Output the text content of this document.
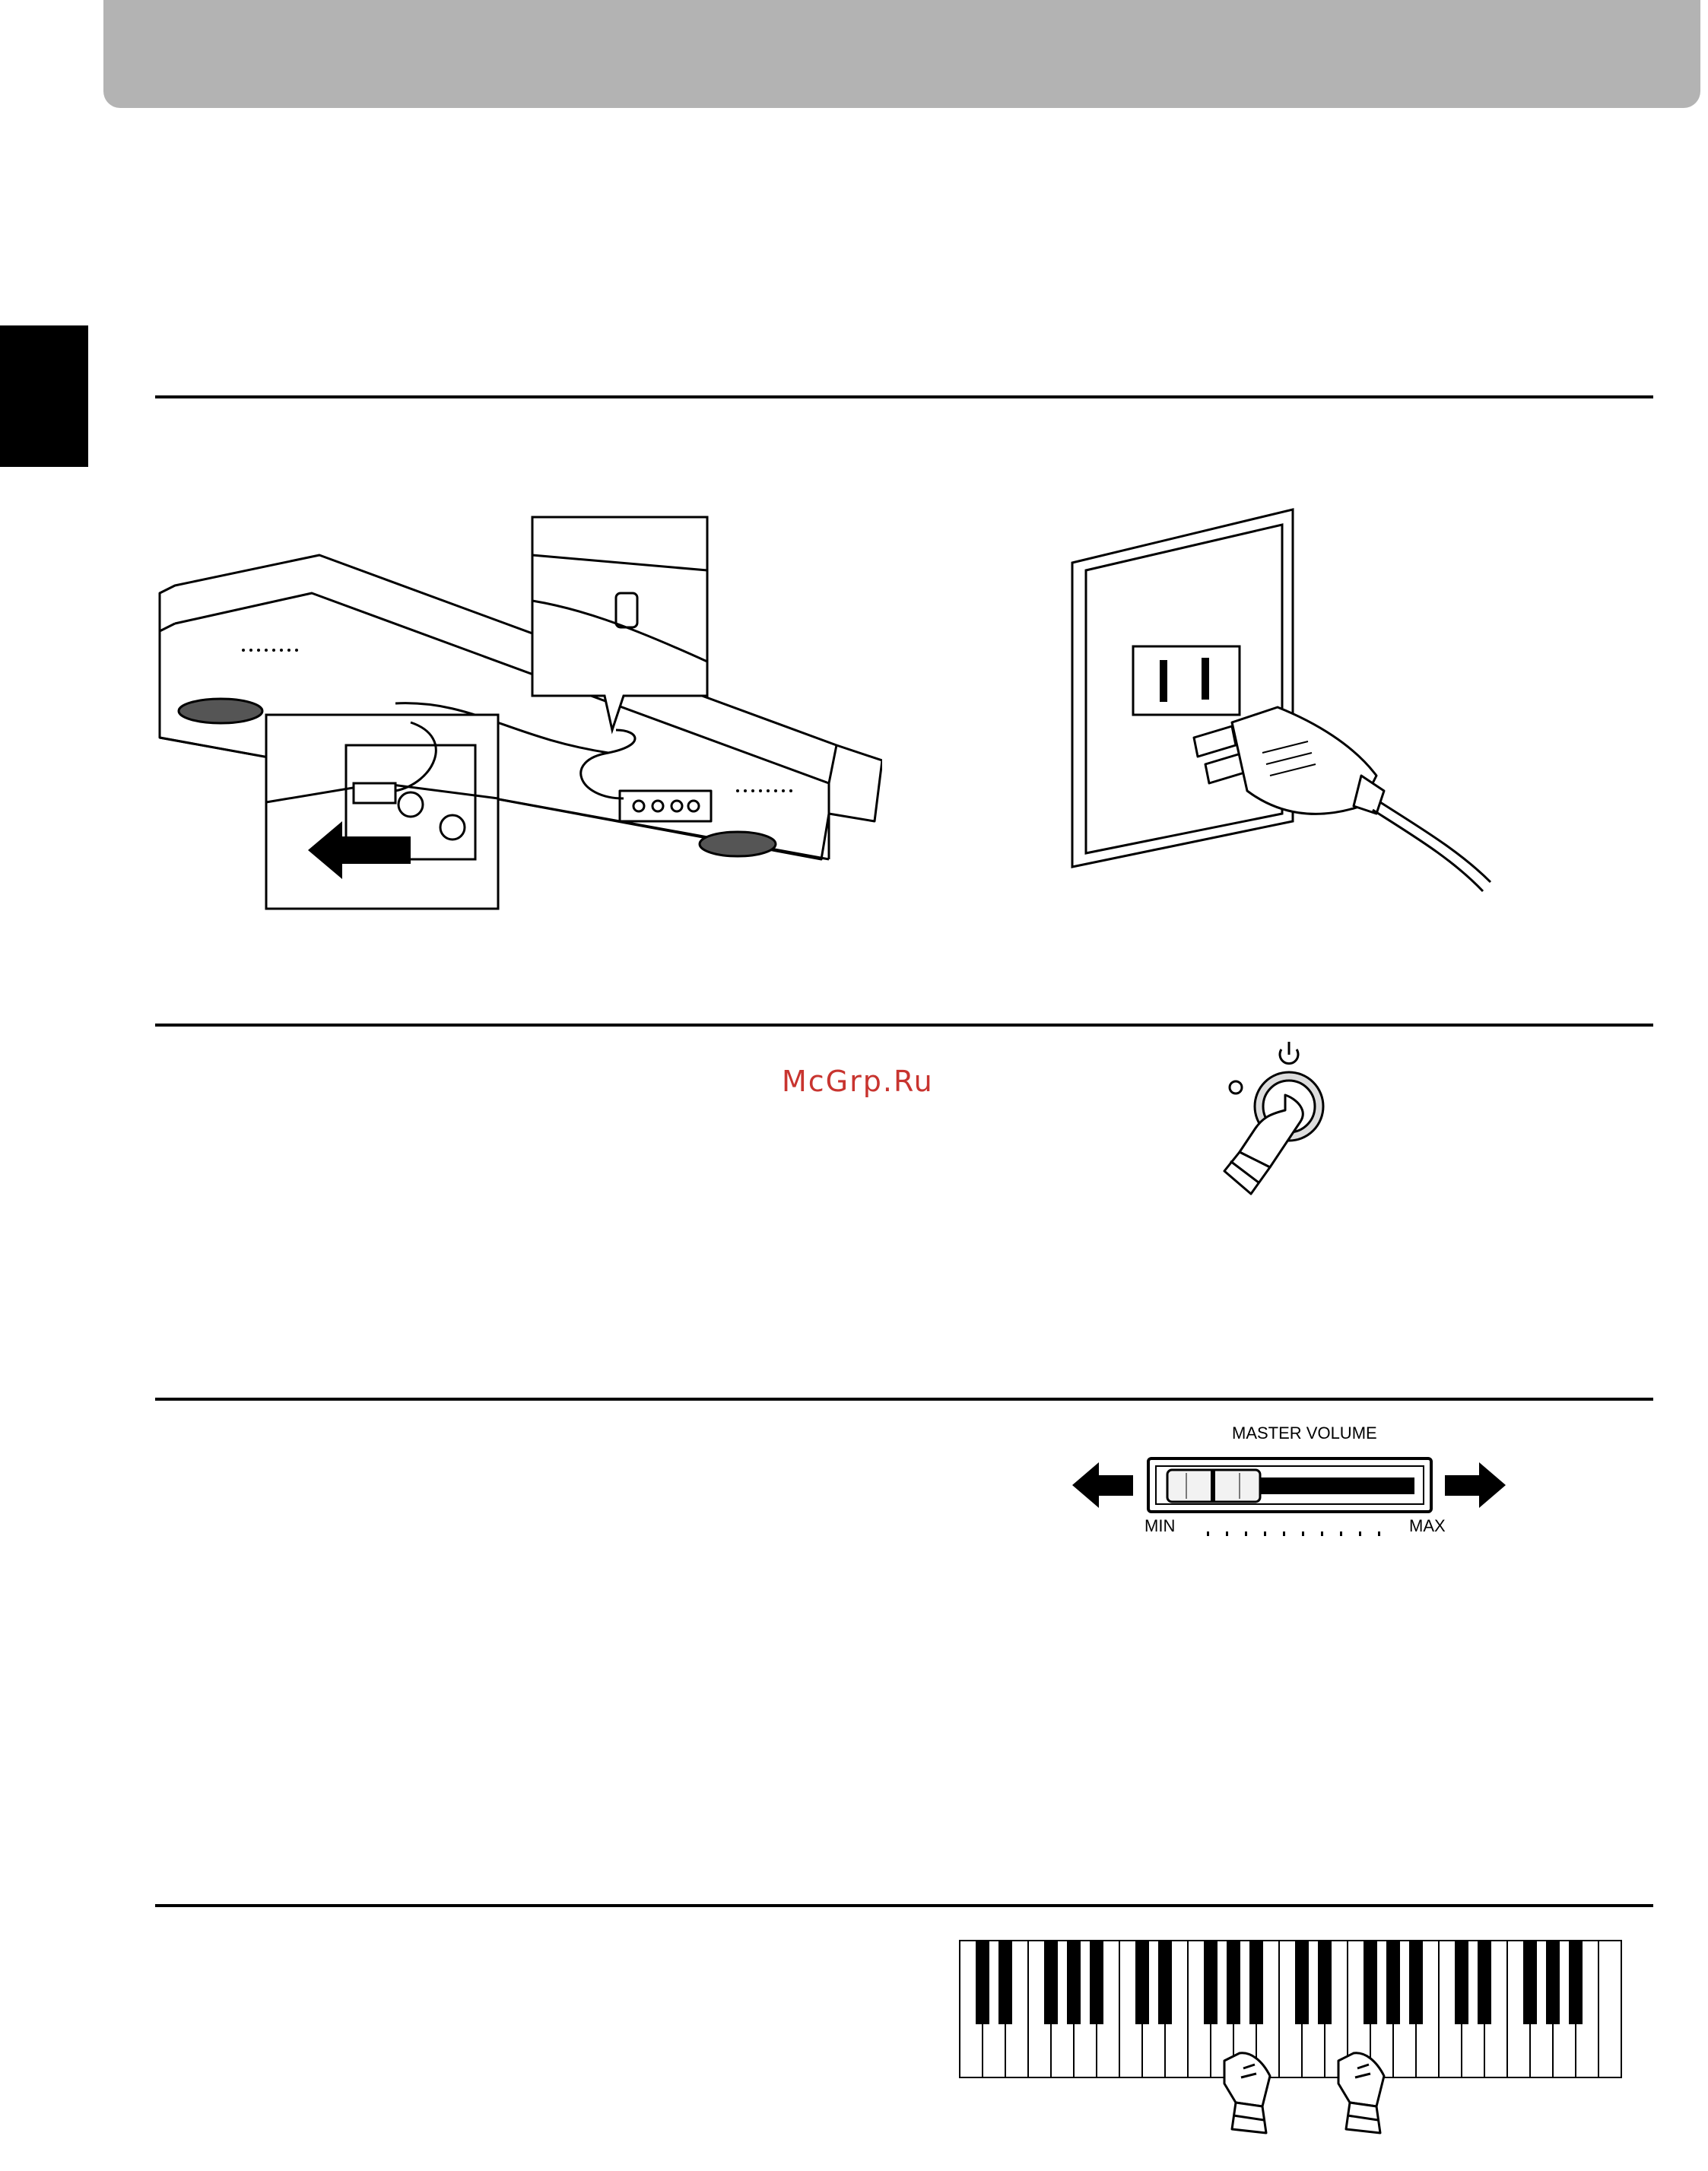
McGrp.Ru
MASTER VOLUME
MIN	MAX
